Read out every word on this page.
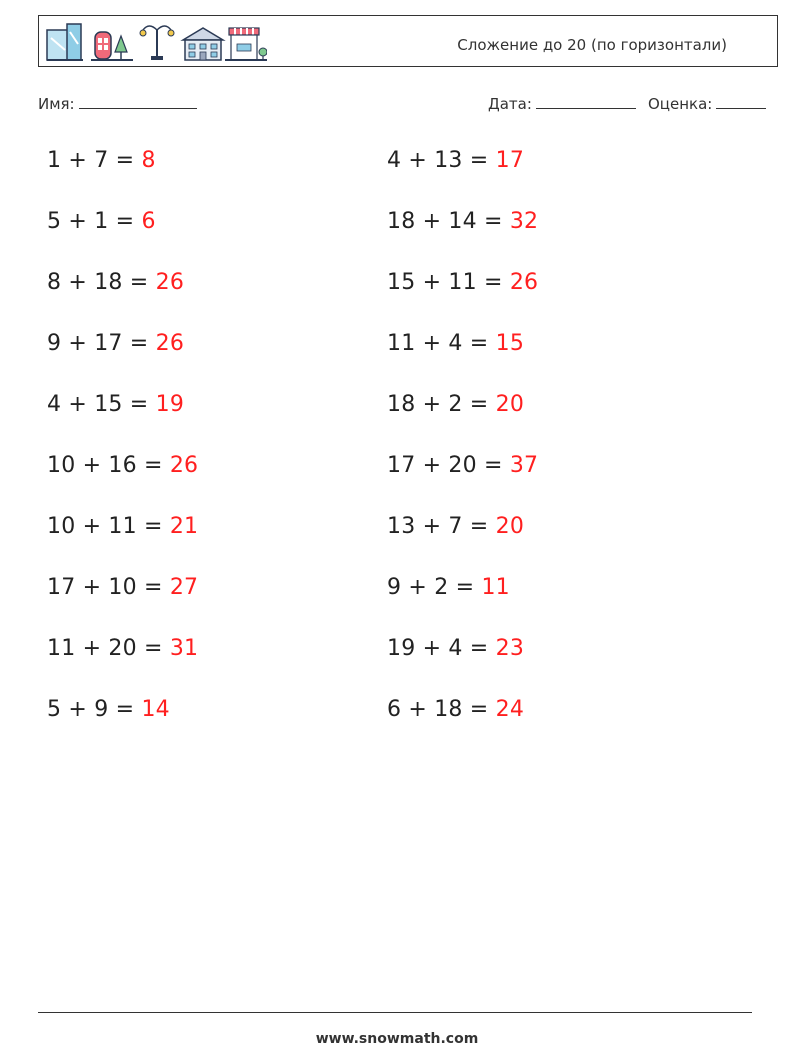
Сложение до 20 (по горизонтали)
Имя:	Дата:	Оценка:
1 + 7 = 8
5 + 1 = 6
8 + 18 = 26
9 + 17 = 26
4 + 15 = 19
10 + 16 = 26
10 + 11 = 21
17 + 10 = 27
11 + 20 = 31
5 + 9 = 14
4 + 13 = 17
18 + 14 = 32
15 + 11 = 26
11 + 4 = 15
18 + 2 = 20
17 + 20 = 37
13 + 7 = 20
9 + 2 = 11
19 + 4 = 23
6 + 18 = 24
www.snowmath.com
